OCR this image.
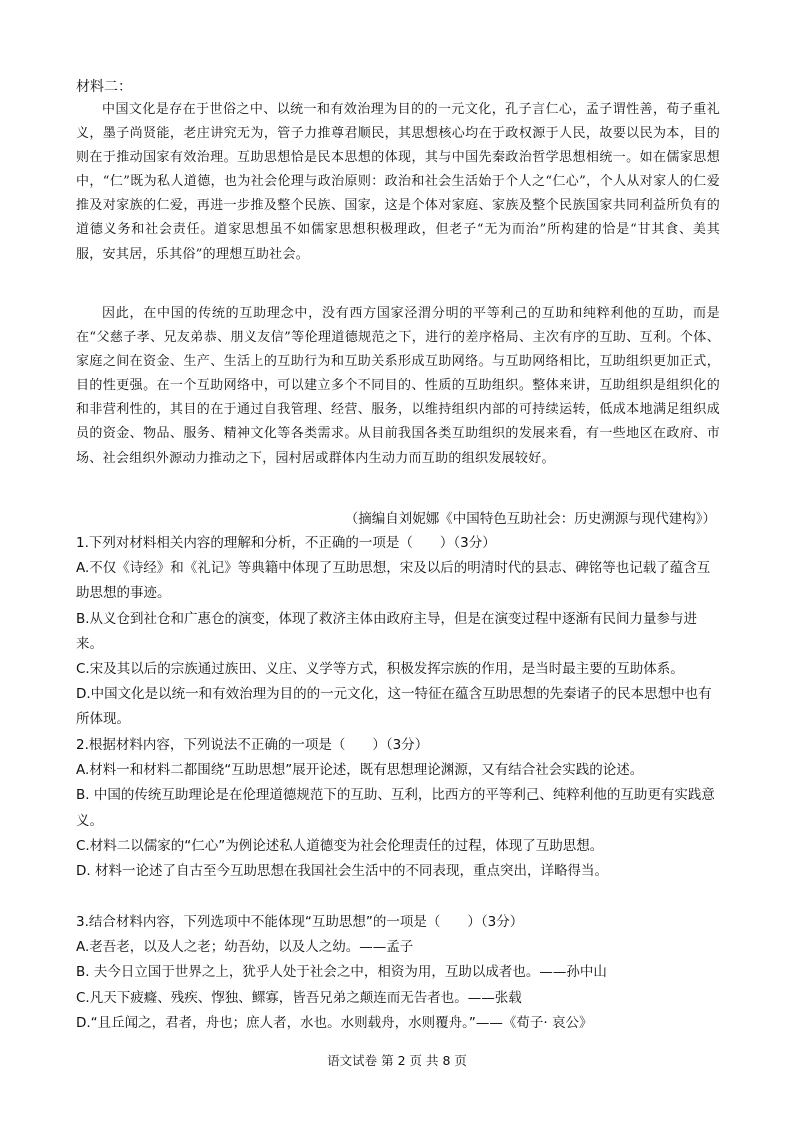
材料二：

中国文化是存在于世俗之中、以统一和有效治理为目的的一元文化，孔子言仁心，孟子谓性善，荀子重礼义，墨子尚贤能，老庄讲究无为，管子力推尊君顺民，其思想核心均在于政权源于人民，故要以民为本，目的则在于推动国家有效治理。互助思想恰是民本思想的体现，其与中国先秦政治哲学思想相统一。如在儒家思想中，“仁”既为私人道德，也为社会伦理与政治原则：政治和社会生活始于个人之“仁心”，个人从对家人的仁爱推及对家族的仁爱，再进一步推及整个民族、国家，这是个体对家庭、家族及整个民族国家共同利益所负有的道德义务和社会责任。道家思想虽不如儒家思想积极理政，但老子“无为而治”所构建的恰是“甘其食、美其服，安其居，乐其俗”的理想互助社会。

因此，在中国的传统的互助理念中，没有西方国家泾渭分明的平等利己的互助和纯粹利他的互助，而是在“父慈子孝、兄友弟恭、朋义友信”等伦理道德规范之下，进行的差序格局、主次有序的互助、互利。个体、家庭之间在资金、生产、生活上的互助行为和互助关系形成互助网络。与互助网络相比，互助组织更加正式，目的性更强。在一个互助网络中，可以建立多个不同目的、性质的互助组织。整体来讲，互助组织是组织化的和非营利性的，其目的在于通过自我管理、经营、服务，以维持组织内部的可持续运转，低成本地满足组织成员的资金、物品、服务、精神文化等各类需求。从目前我国各类互助组织的发展来看，有一些地区在政府、市场、社会组织外源动力推动之下，园村居或群体内生动力而互助的组织发展较好。

（摘编自刘妮娜《中国特色互助社会：历史溯源与现代建构》）
1.下列对材料相关内容的理解和分析，不正确的一项是（　　）（3分）
A.不仅《诗经》和《礼记》等典籍中体现了互助思想，宋及以后的明清时代的县志、碑铭等也记载了蕴含互助思想的事迹。
B.从义仓到社仓和广惠仓的演变，体现了救济主体由政府主导，但是在演变过程中逐渐有民间力量参与进来。
C.宋及其以后的宗族通过族田、义庄、义学等方式，积极发挥宗族的作用，是当时最主要的互助体系。
D.中国文化是以统一和有效治理为目的的一元文化，这一特征在蕴含互助思想的先秦诸子的民本思想中也有所体现。
2.根据材料内容，下列说法不正确的一项是（　　）（3分）
A.材料一和材料二都围绕“互助思想”展开论述，既有思想理论渊源，又有结合社会实践的论述。
B. 中国的传统互助理论是在伦理道德规范下的互助、互利，比西方的平等利己、纯粹利他的互助更有实践意义。
C.材料二以儒家的“仁心”为例论述私人道德变为社会伦理责任的过程，体现了互助思想。
D. 材料一论述了自古至今互助思想在我国社会生活中的不同表现，重点突出，详略得当。
3.结合材料内容，下列选项中不能体现“互助思想”的一项是（　　）（3分）
A.老吾老，以及人之老；幼吾幼，以及人之幼。——孟子
B. 夫今日立国于世界之上，犹乎人处于社会之中，相资为用，互助以成者也。——孙中山
C.凡天下疲癃、残疾、惸独、鳏寡，皆吾兄弟之颠连而无告者也。——张载
D.“且丘闻之，君者，舟也；庶人者，水也。水则载舟，水则覆舟。”——《荀子· 哀公》
语文试卷 第 2 页 共 8 页
